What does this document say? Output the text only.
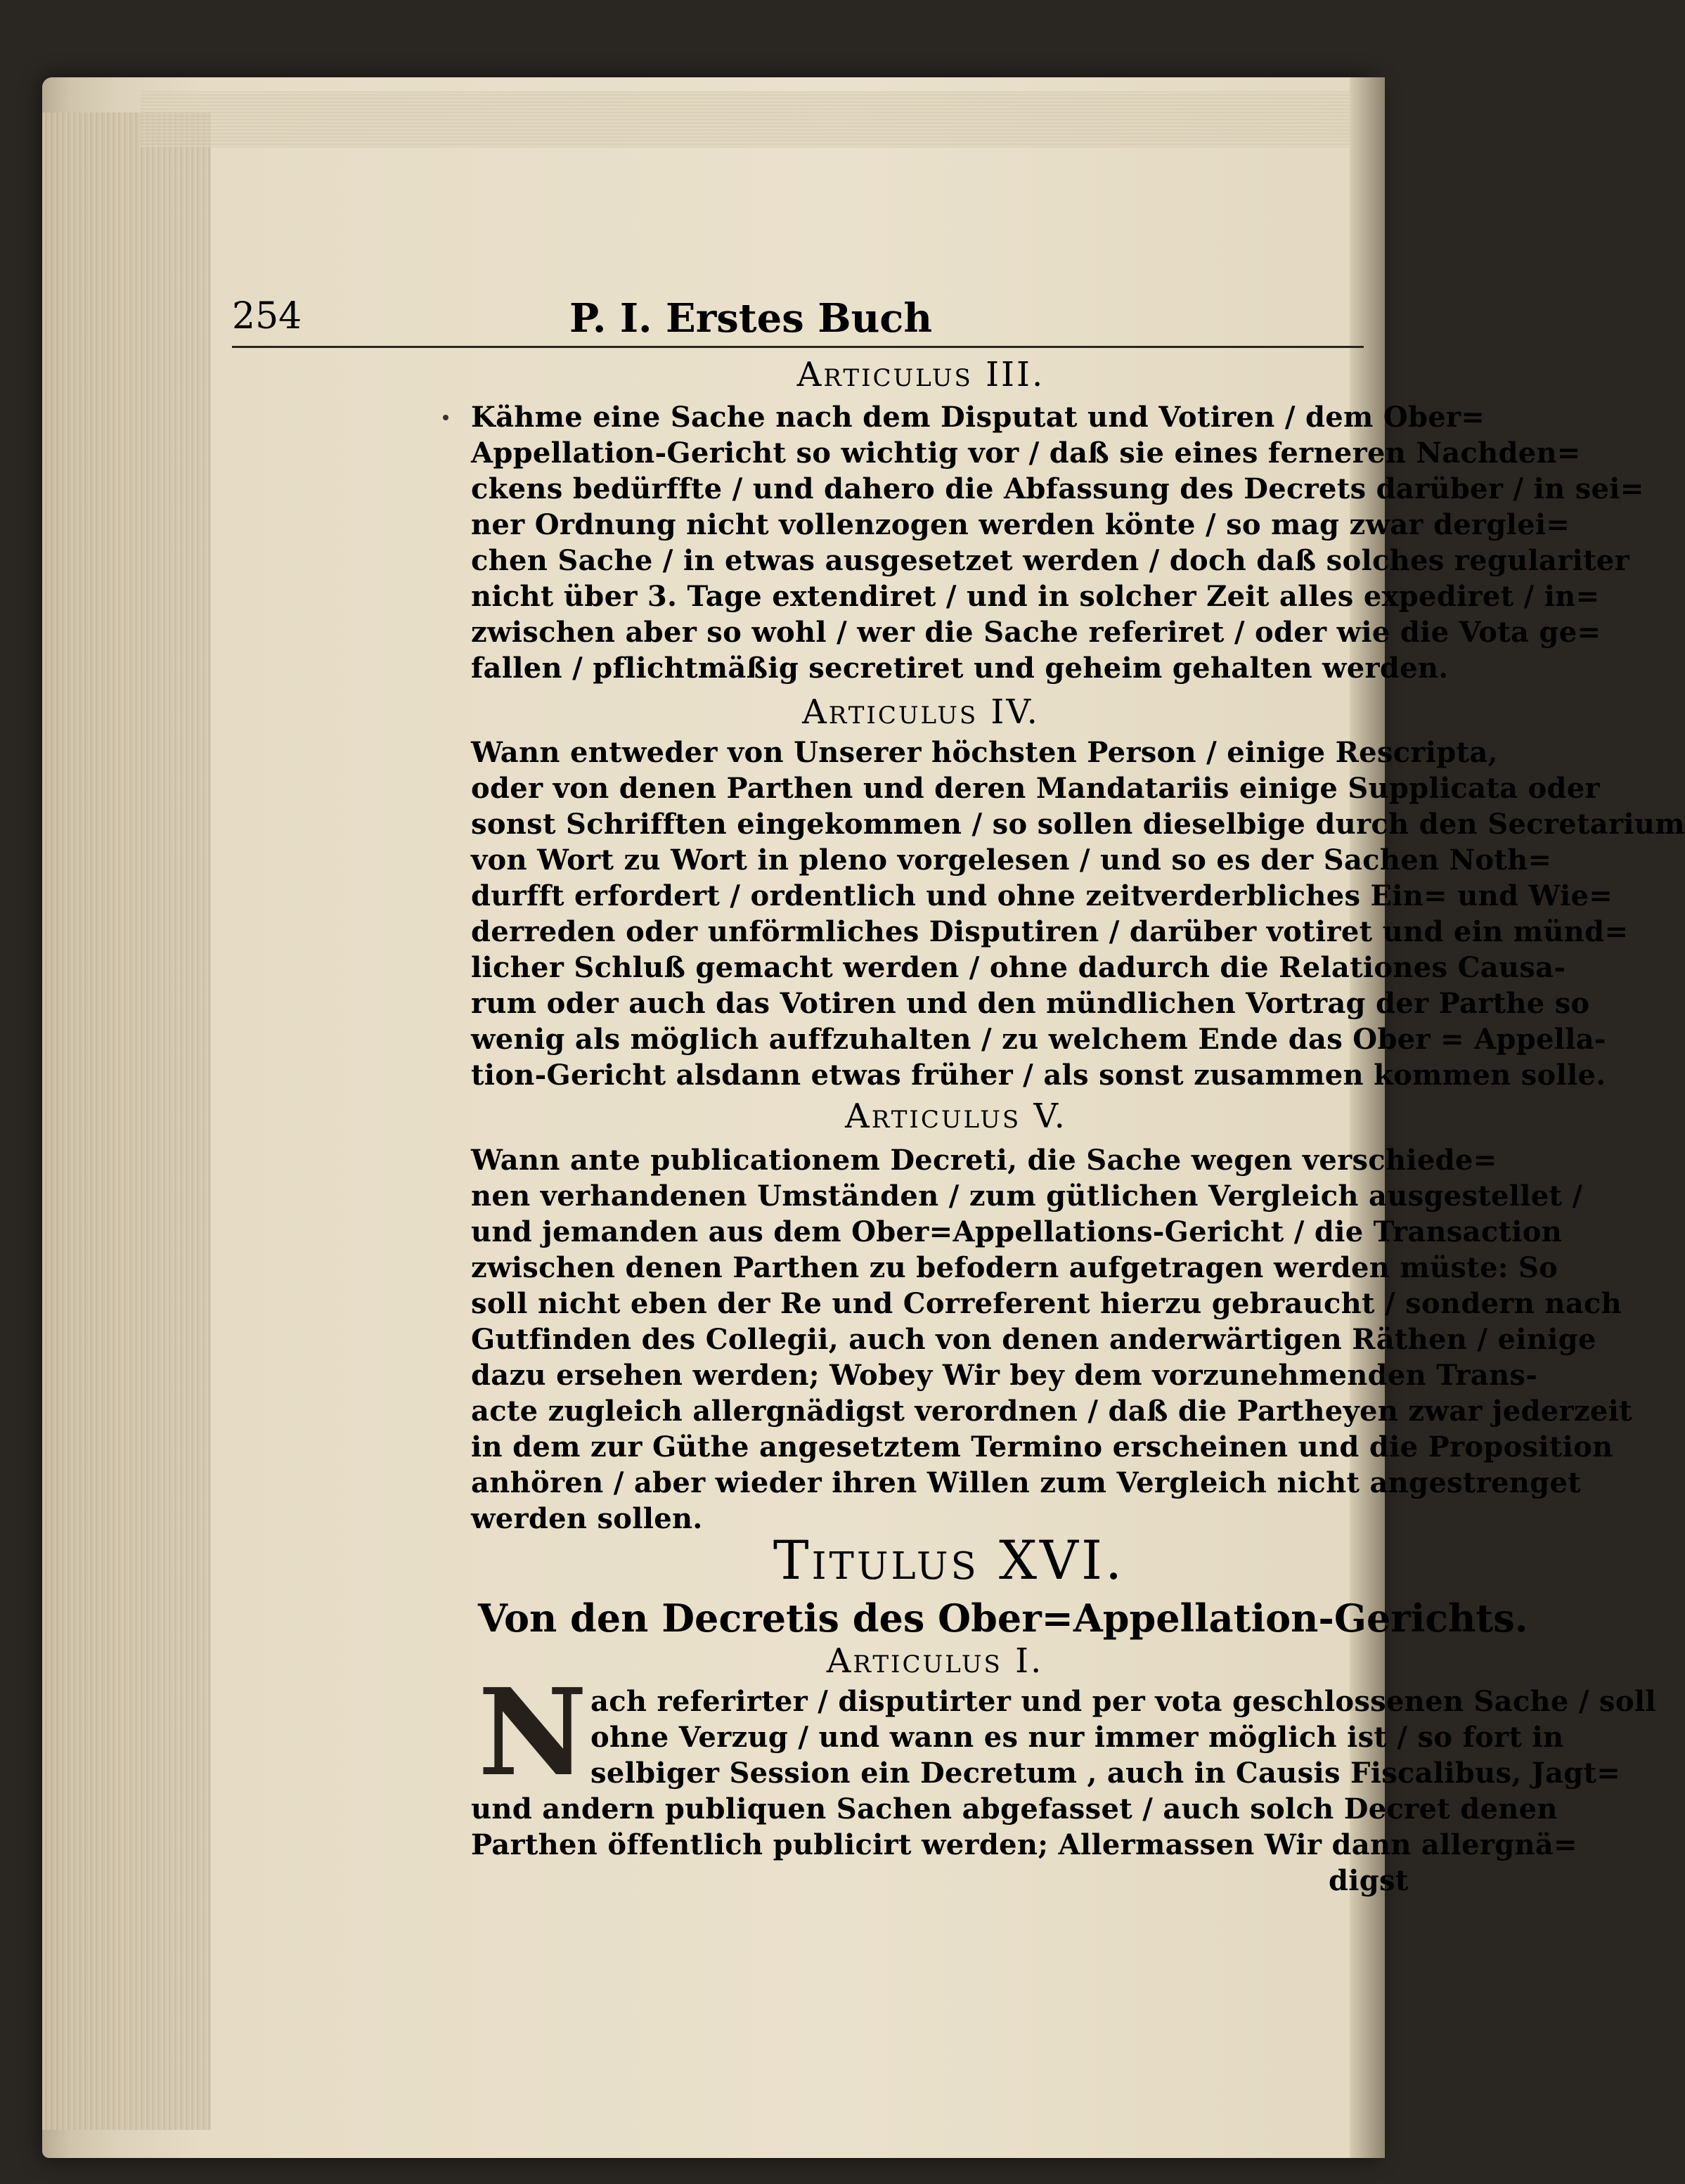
254	P. I. Erstes Buch
Articulus III.
Kähme eine Sache nach dem Disputat und Votiren / dem Ober=
Appellation-Gericht so wichtig vor / daß sie eines ferneren Nachden=
ckens bedürffte / und dahero die Abfassung des Decrets darüber / in sei=
ner Ordnung nicht vollenzogen werden könte / so mag zwar derglei=
chen Sache / in etwas ausgesetzet werden / doch daß solches regulariter
nicht über 3. Tage extendiret / und in solcher Zeit alles expediret / in=
zwischen aber so wohl / wer die Sache referiret / oder wie die Vota ge=
fallen / pflichtmäßig secretiret und geheim gehalten werden.
Articulus IV.
Wann entweder von Unserer höchsten Person / einige Rescripta,
oder von denen Parthen und deren Mandatariis einige Supplicata oder
sonst Schrifften eingekommen / so sollen dieselbige durch den Secretarium
von Wort zu Wort in pleno vorgelesen / und so es der Sachen Noth=
durfft erfordert / ordentlich und ohne zeitverderbliches Ein= und Wie=
derreden oder unförmliches Disputiren / darüber votiret und ein münd=
licher Schluß gemacht werden / ohne dadurch die Relationes Causa-
rum oder auch das Votiren und den mündlichen Vortrag der Parthe so
wenig als möglich auffzuhalten / zu welchem Ende das Ober = Appella-
tion-Gericht alsdann etwas früher / als sonst zusammen kommen solle.
Articulus V.
Wann ante publicationem Decreti, die Sache wegen verschiede=
nen verhandenen Umständen / zum gütlichen Vergleich ausgestellet /
und jemanden aus dem Ober=Appellations-Gericht / die Transaction
zwischen denen Parthen zu befodern aufgetragen werden müste: So
soll nicht eben der Re und Correferent hierzu gebraucht / sondern nach
Gutfinden des Collegii, auch von denen anderwärtigen Räthen / einige
dazu ersehen werden; Wobey Wir bey dem vorzunehmenden Trans-
acte zugleich allergnädigst verordnen / daß die Partheyen zwar jederzeit
in dem zur Güthe angesetztem Termino erscheinen und die Proposition
anhören / aber wieder ihren Willen zum Vergleich nicht angestrenget
werden sollen.
Titulus XVI.
Von den Decretis des Ober=Appellation-Gerichts.
Articulus I.
N ach referirter / disputirter und per vota geschlossenen Sache / soll
ohne Verzug / und wann es nur immer möglich ist / so fort in
selbiger Session ein Decretum , auch in Causis Fiscalibus, Jagt=
und andern publiquen Sachen abgefasset / auch solch Decret denen
Parthen öffentlich publicirt werden; Allermassen Wir dann allergnä=
digst
